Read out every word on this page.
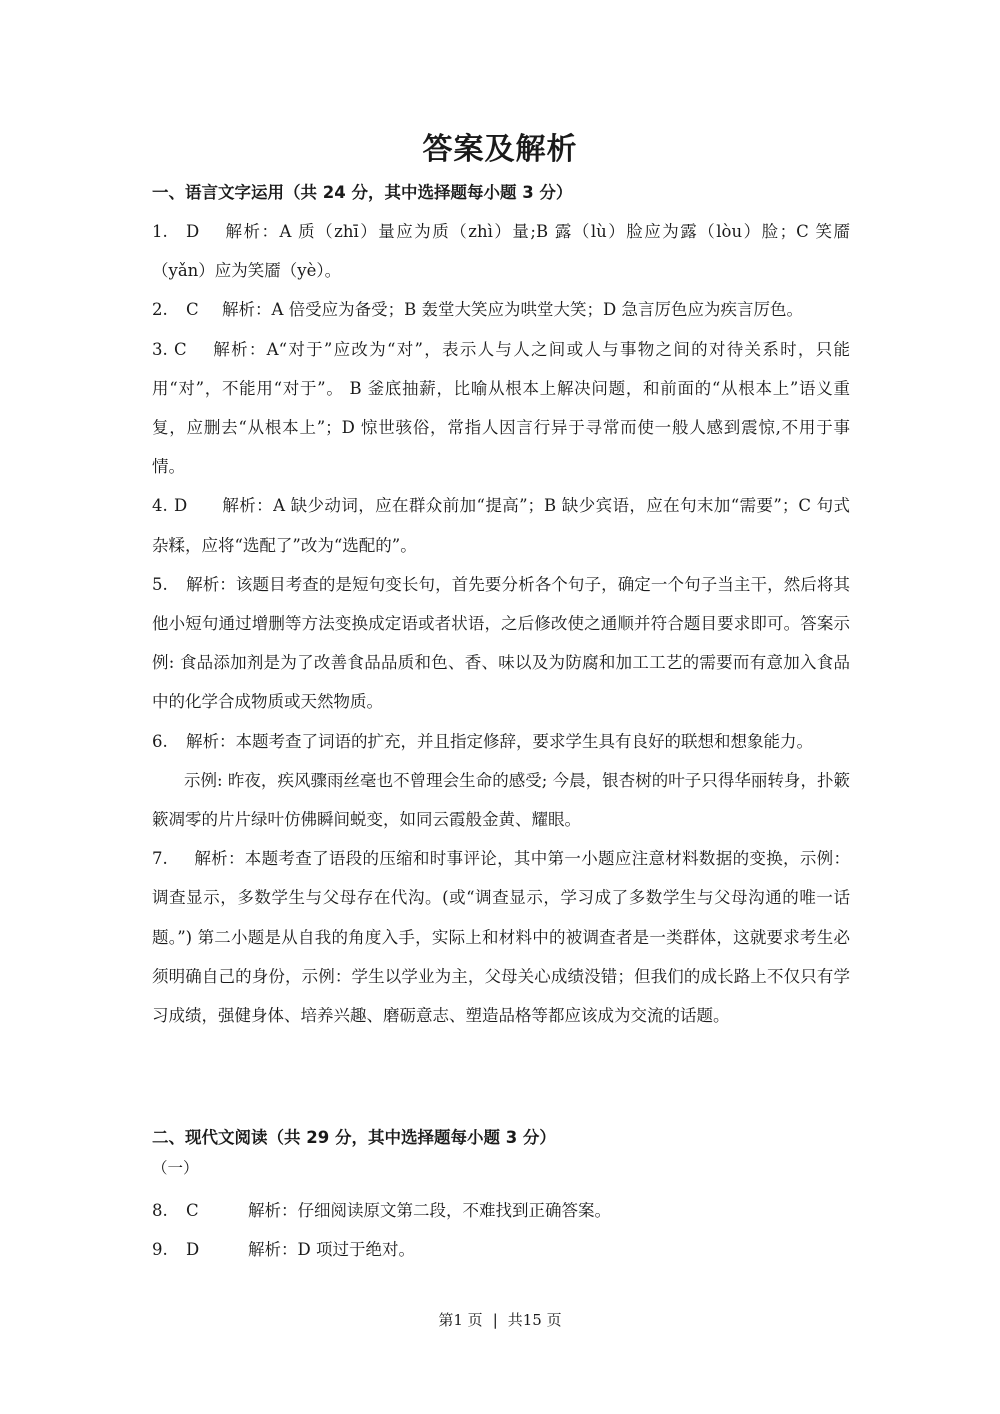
答案及解析
一、语言文字运用（共 24 分，其中选择题每小题 3 分）

1. D 解析：A 质（zhī）量应为质（zhì）量;B 露（lù）脸应为露（lòu）脸；C 笑靥（yǎn）应为笑靥（yè）。

2. C 解析：A 倍受应为备受；B 轰堂大笑应为哄堂大笑；D 急言厉色应为疾言厉色。

3. C 解析：A“对于”应改为“对”，表示人与人之间或人与事物之间的对待关系时，只能用“对”，不能用“对于”。 B 釜底抽薪，比喻从根本上解决问题，和前面的“从根本上”语义重复，应删去“从根本上”；D 惊世骇俗，常指人因言行异于寻常而使一般人感到震惊,不用于事情。

4. D 解析：A 缺少动词，应在群众前加“提高”；B 缺少宾语，应在句末加“需要”；C 句式杂糅，应将“选配了”改为“选配的”。

5. 解析：该题目考查的是短句变长句，首先要分析各个句子，确定一个句子当主干，然后将其他小短句通过增删等方法变换成定语或者状语，之后修改使之通顺并符合题目要求即可。答案示例: 食品添加剂是为了改善食品品质和色、香、味以及为防腐和加工工艺的需要而有意加入食品中的化学合成物质或天然物质。

6. 解析：本题考查了词语的扩充，并且指定修辞，要求学生具有良好的联想和想象能力。

示例: 昨夜，疾风骤雨丝毫也不曾理会生命的感受; 今晨，银杏树的叶子只得华丽转身，扑簌簌凋零的片片绿叶仿佛瞬间蜕变，如同云霞般金黄、耀眼。

7. 解析：本题考查了语段的压缩和时事评论，其中第一小题应注意材料数据的变换，示例：调查显示，多数学生与父母存在代沟。(或“调查显示，学习成了多数学生与父母沟通的唯一话题。”) 第二小题是从自我的角度入手，实际上和材料中的被调查者是一类群体，这就要求考生必须明确自己的身份，示例：学生以学业为主，父母关心成绩没错；但我们的成长路上不仅只有学习成绩，强健身体、培养兴趣、磨砺意志、塑造品格等都应该成为交流的话题。

二、现代文阅读（共 29 分，其中选择题每小题 3 分）
（一）

8. C	解析：仔细阅读原文第二段，不难找到正确答案。

9. D	解析：D 项过于绝对。

第1 页 | 共15 页
